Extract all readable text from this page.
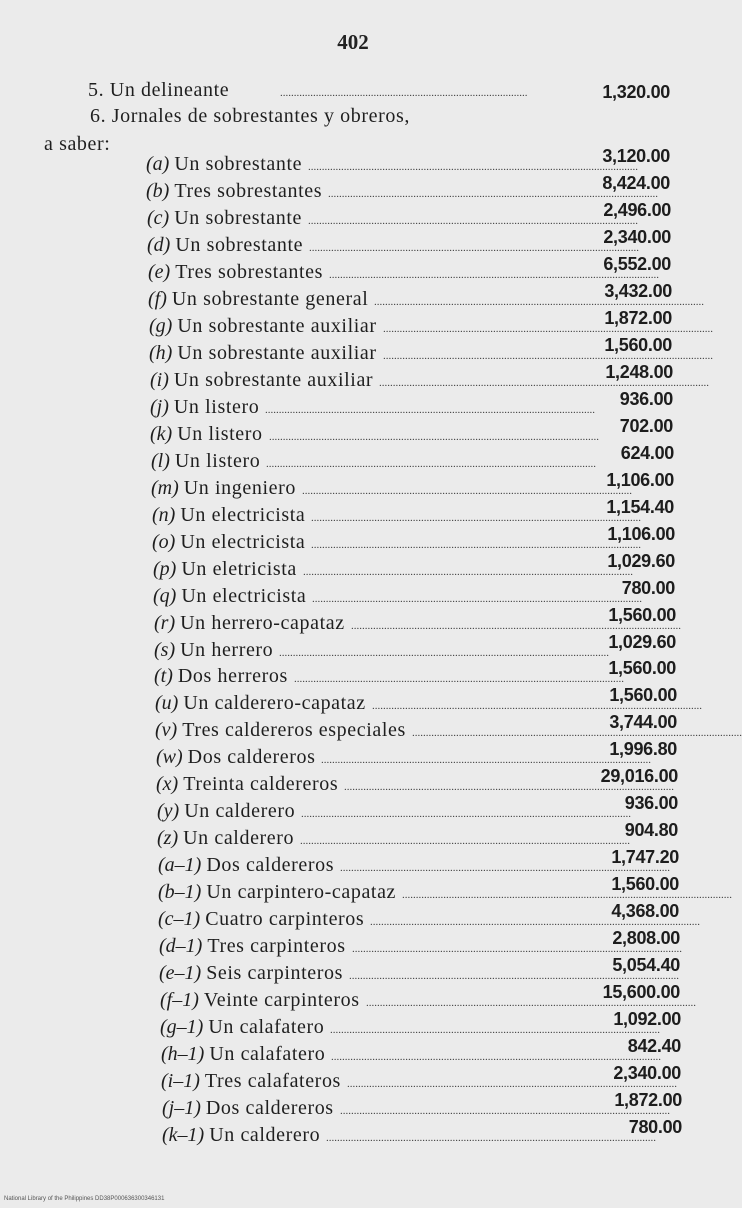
402
5. Un delineante	..........................................................................................	1,320.00
6. Jornales de sobrestantes y obreros,
a saber:
(a) Un sobrestante	3,120.00
........................................................................................................................
(b) Tres sobrestantes	8,424.00
........................................................................................................................
(c) Un sobrestante	2,496.00
........................................................................................................................
(d) Un sobrestante	2,340.00
........................................................................................................................
(e) Tres sobrestantes	6,552.00
........................................................................................................................
(f) Un sobrestante general	3,432.00
........................................................................................................................
(g) Un sobrestante auxiliar	1,872.00
........................................................................................................................
(h) Un sobrestante auxiliar	1,560.00
........................................................................................................................
(i) Un sobrestante auxiliar	1,248.00
........................................................................................................................
(j) Un listero	936.00
........................................................................................................................
(k) Un listero	702.00
........................................................................................................................
(l) Un listero	624.00
........................................................................................................................
(m) Un ingeniero	1,106.00
........................................................................................................................
(n) Un electricista	1,154.40
........................................................................................................................
(o) Un electricista	1,106.00
........................................................................................................................
(p) Un eletricista	1,029.60
........................................................................................................................
(q) Un electricista	780.00
........................................................................................................................
(r) Un herrero-capataz	1,560.00
........................................................................................................................
(s) Un herrero	1,029.60
........................................................................................................................
(t) Dos herreros	1,560.00
........................................................................................................................
(u) Un calderero-capataz	1,560.00
........................................................................................................................
(v) Tres caldereros especiales	3,744.00
........................................................................................................................
(w) Dos caldereros	1,996.80
........................................................................................................................
(x) Treinta caldereros	29,016.00
........................................................................................................................
(y) Un calderero	936.00
........................................................................................................................
(z) Un calderero	904.80
........................................................................................................................
(a–1) Dos caldereros	1,747.20
........................................................................................................................
(b–1) Un carpintero-capataz	1,560.00
........................................................................................................................
(c–1) Cuatro carpinteros	4,368.00
........................................................................................................................
(d–1) Tres carpinteros	2,808.00
........................................................................................................................
(e–1) Seis carpinteros	5,054.40
........................................................................................................................
(f–1) Veinte carpinteros	15,600.00
........................................................................................................................
(g–1) Un calafatero	1,092.00
........................................................................................................................
(h–1) Un calafatero	842.40
........................................................................................................................
(i–1) Tres calafateros	2,340.00
........................................................................................................................
(j–1) Dos caldereros	1,872.00
........................................................................................................................
(k–1) Un calderero	780.00
........................................................................................................................
National Library of the Philippines DD38P000636300346131
